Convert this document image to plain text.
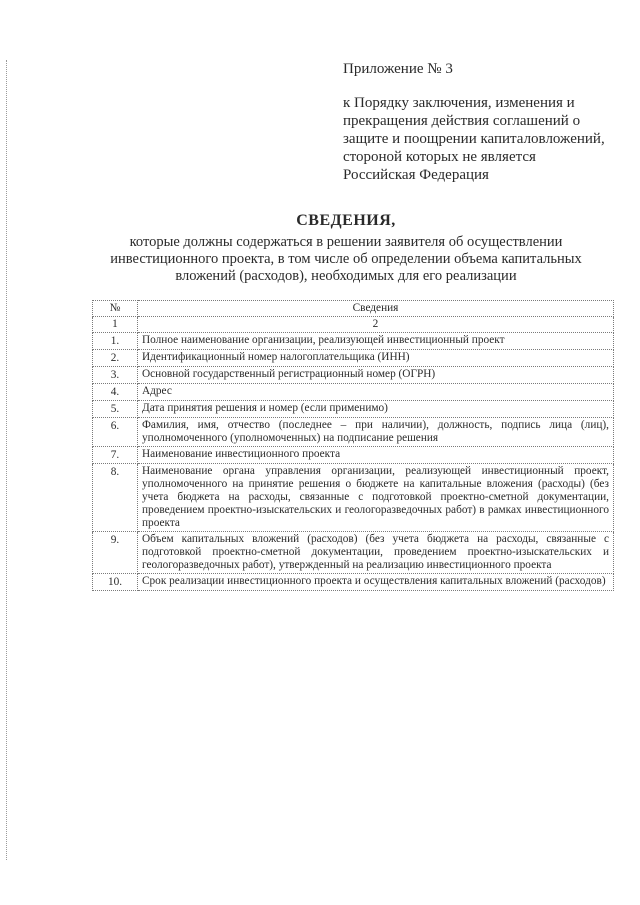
Приложение № 3
к Порядку заключения, изменения и
прекращения действия соглашений о
защите и поощрении капиталовложений,
стороной которых не является
Российская Федерация
СВЕДЕНИЯ,
которые должны содержаться в решении заявителя об осуществлении инвестиционного проекта, в том числе об определении объема капитальных вложений (расходов), необходимых для его реализации
№	Сведения
1	2
1.	Полное наименование организации, реализующей инвестиционный проект
2.	Идентификационный номер налогоплательщика (ИНН)
3.	Основной государственный регистрационный номер (ОГРН)
4.	Адрес
5.	Дата принятия решения и номер (если применимо)
6.	Фамилия, имя, отчество (последнее – при наличии), должность, подпись лица (лиц), уполномоченного (уполномоченных) на подписание решения
7.	Наименование инвестиционного проекта
8.	Наименование органа управления организации, реализующей инвестиционный проект, уполномоченного на принятие решения о бюджете на капитальные вложения (расходы) (без учета бюджета на расходы, связанные с подготовкой проектно-сметной документации, проведением проектно-изыскательских и геологоразведочных работ) в рамках инвестиционного проекта
9.	Объем капитальных вложений (расходов) (без учета бюджета на расходы, связанные с подготовкой проектно-сметной документации, проведением проектно-изыскательских и геологоразведочных работ), утвержденный на реализацию инвестиционного проекта
10.	Срок реализации инвестиционного проекта и осуществления капитальных вложений (расходов)
